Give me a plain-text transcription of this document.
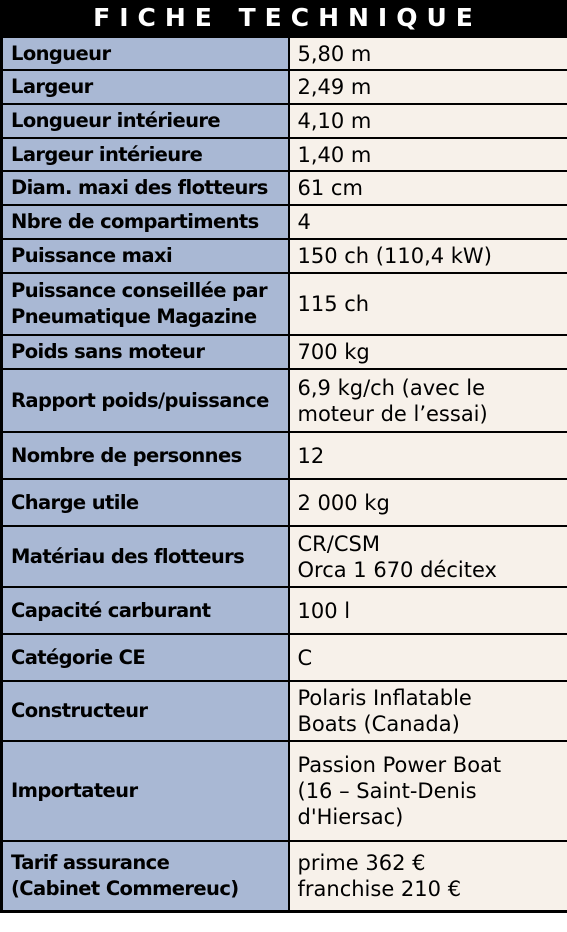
FICHE TECHNIQUE
Longueur	5,80 m
Largeur	2,49 m
Longueur intérieure	4,10 m
Largeur intérieure	1,40 m
Diam. maxi des flotteurs	61 cm
Nbre de compartiments	4
Puissance maxi	150 ch (110,4 kW)
Puissance conseillée par
Pneumatique Magazine	115 ch
Poids sans moteur	700 kg
Rapport poids/puissance	6,9 kg/ch (avec le
moteur de l’essai)
Nombre de personnes	12
Charge utile	2 000 kg
Matériau des flotteurs	CR/CSM
Orca 1 670 décitex
Capacité carburant	100 l
Catégorie CE	C
Constructeur	Polaris Inflatable
Boats (Canada)
Importateur	Passion Power Boat
(16 – Saint-Denis
d'Hiersac)
Tarif assurance
(Cabinet Commereuc)	prime 362 €
franchise 210 €
